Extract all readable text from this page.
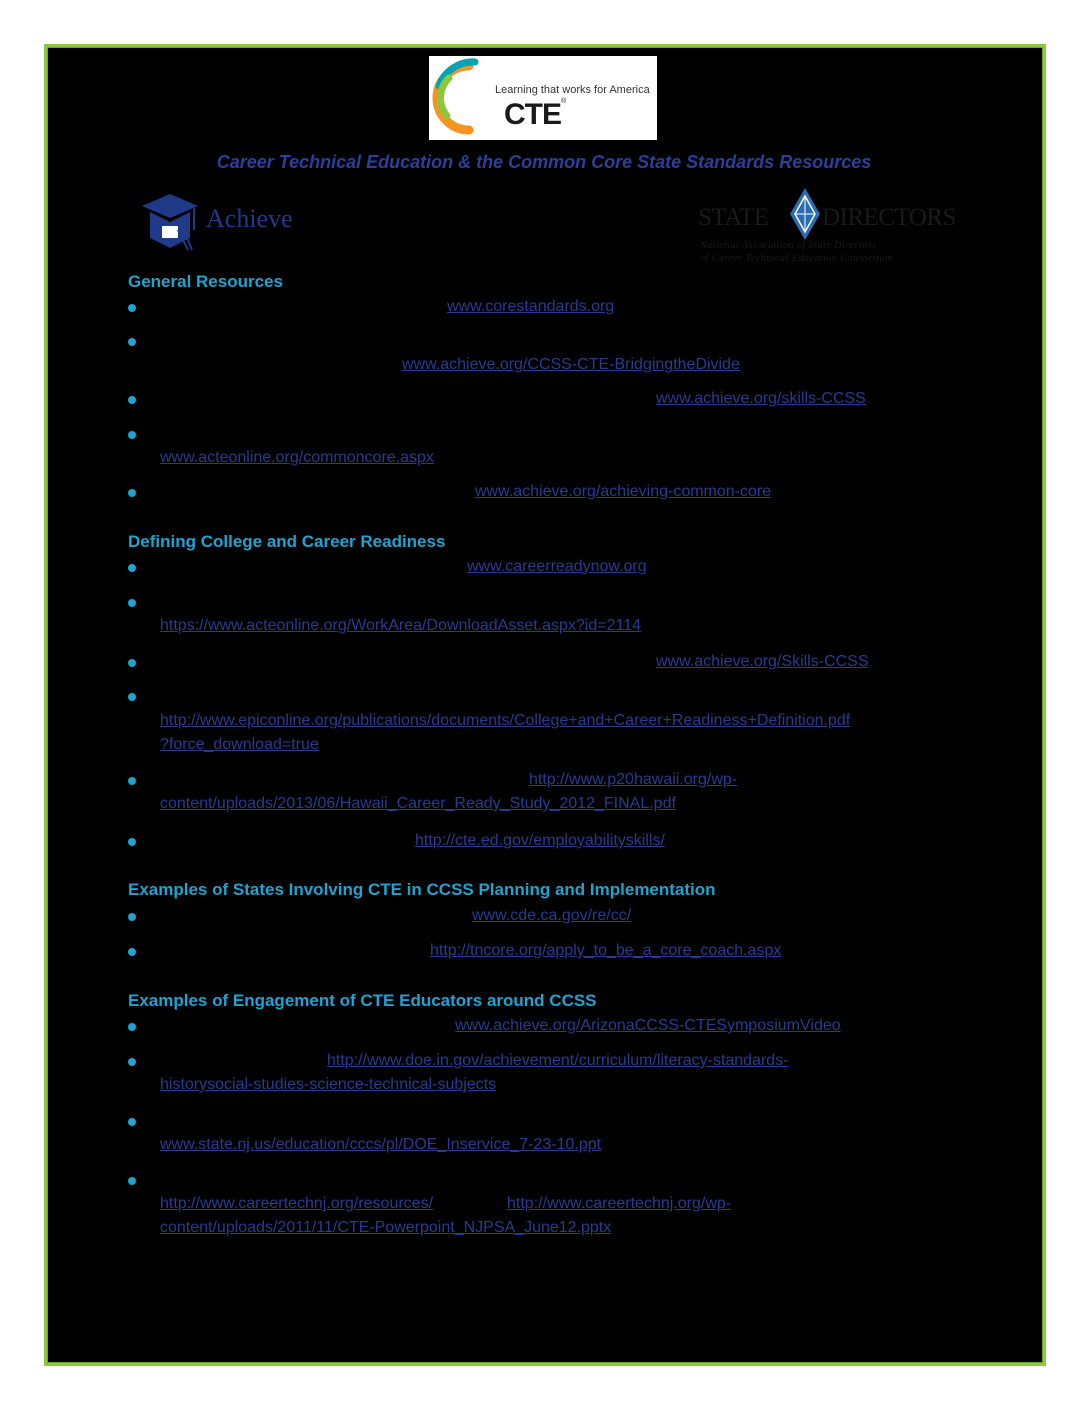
Learning that works for America
CTE®
Career Technical Education & the Common Core State Standards Resources
Achieve	STATE DIRECTORS
National Association of State Directors
of Career Technical Education Consortium
General Resources
www.corestandards.org
www.achieve.org/CCSS-CTE-BridgingtheDivide
www.achieve.org/skills-CCSS
www.acteonline.org/commoncore.aspx
www.achieve.org/achieving-common-core
Defining College and Career Readiness
www.careerreadynow.org
https://www.acteonline.org/WorkArea/DownloadAsset.aspx?id=2114
www.achieve.org/Skills-CCSS
http://www.epiconline.org/publications/documents/College+and+Career+Readiness+Definition.pdf
?force_download=true
http://www.p20hawaii.org/wp-
content/uploads/2013/06/Hawaii_Career_Ready_Study_2012_FINAL.pdf
http://cte.ed.gov/employabilityskills/
Examples of States Involving CTE in CCSS Planning and Implementation
www.cde.ca.gov/re/cc/
http://tncore.org/apply_to_be_a_core_coach.aspx
Examples of Engagement of CTE Educators around CCSS
www.achieve.org/ArizonaCCSS-CTESymposiumVideo
http://www.doe.in.gov/achievement/curriculum/literacy-standards-
historysocial-studies-science-technical-subjects
www.state.nj.us/education/cccs/pl/DOE_Inservice_7-23-10.ppt
http://www.careertechnj.org/resources/	http://www.careertechnj.org/wp-
content/uploads/2011/11/CTE-Powerpoint_NJPSA_June12.pptx
